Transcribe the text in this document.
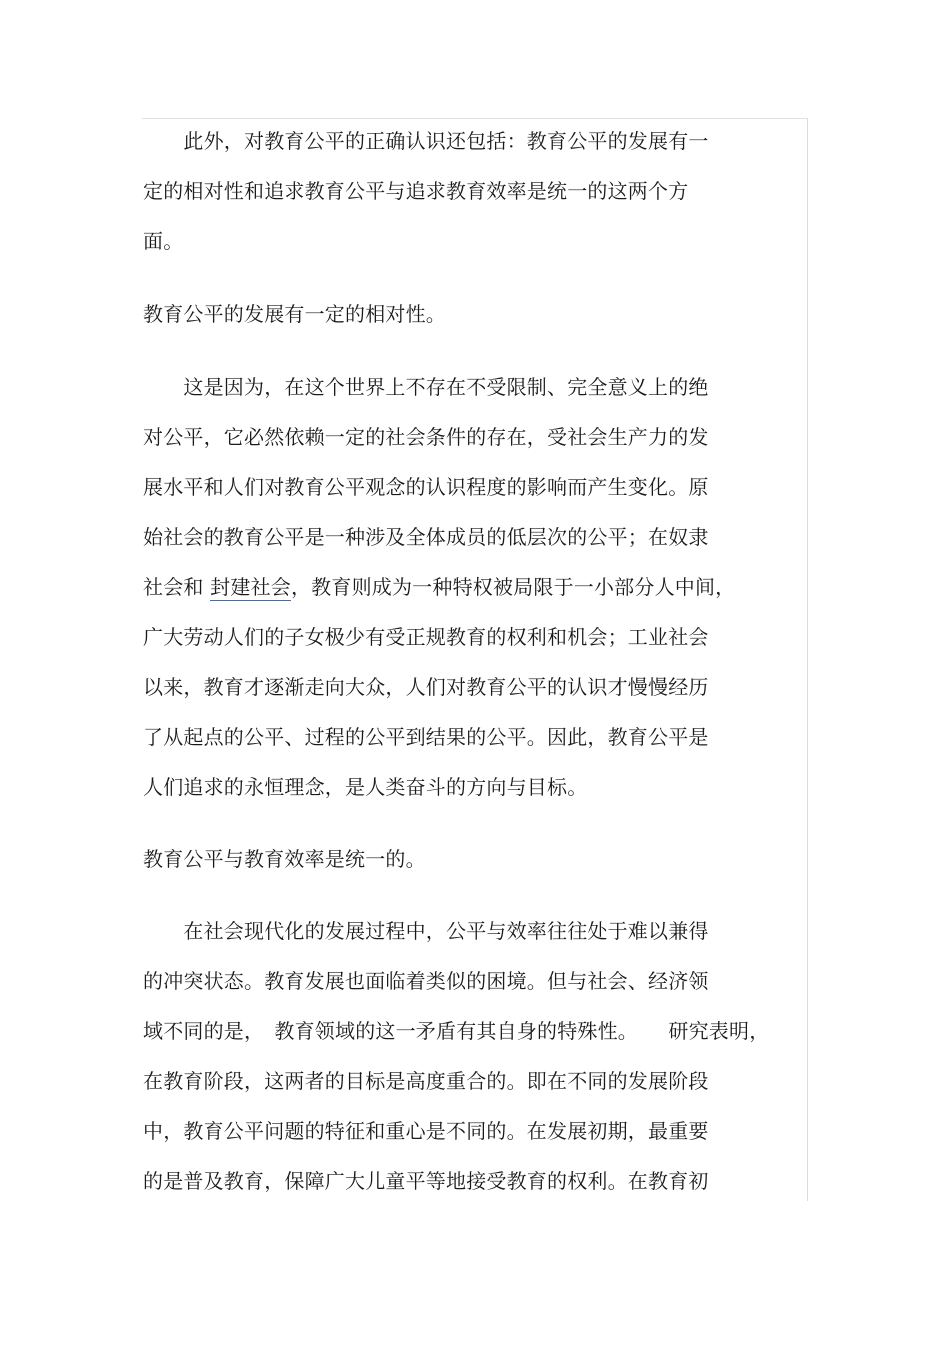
　　此外，对教育公平的正确认识还包括：教育公平的发展有一
定的相对性和追求教育公平与追求教育效率是统一的这两个方
面。
教育公平的发展有一定的相对性。
　　这是因为，在这个世界上不存在不受限制、完全意义上的绝
对公平，它必然依赖一定的社会条件的存在，受社会生产力的发
展水平和人们对教育公平观念的认识程度的影响而产生变化。原
始社会的教育公平是一种涉及全体成员的低层次的公平；在奴隶
社会和 封建社会，教育则成为一种特权被局限于一小部分人中间，
广大劳动人们的子女极少有受正规教育的权利和机会；工业社会
以来，教育才逐渐走向大众，人们对教育公平的认识才慢慢经历
了从起点的公平、过程的公平到结果的公平。因此，教育公平是
人们追求的永恒理念，是人类奋斗的方向与目标。
教育公平与教育效率是统一的。
　　在社会现代化的发展过程中，公平与效率往往处于难以兼得
的冲突状态。教育发展也面临着类似的困境。但与社会、经济领
域不同的是，　教育领域的这一矛盾有其自身的特殊性。　　研究表明，
在教育阶段，这两者的目标是高度重合的。即在不同的发展阶段
中，教育公平问题的特征和重心是不同的。在发展初期，最重要
的是普及教育，保障广大儿童平等地接受教育的权利。在教育初
